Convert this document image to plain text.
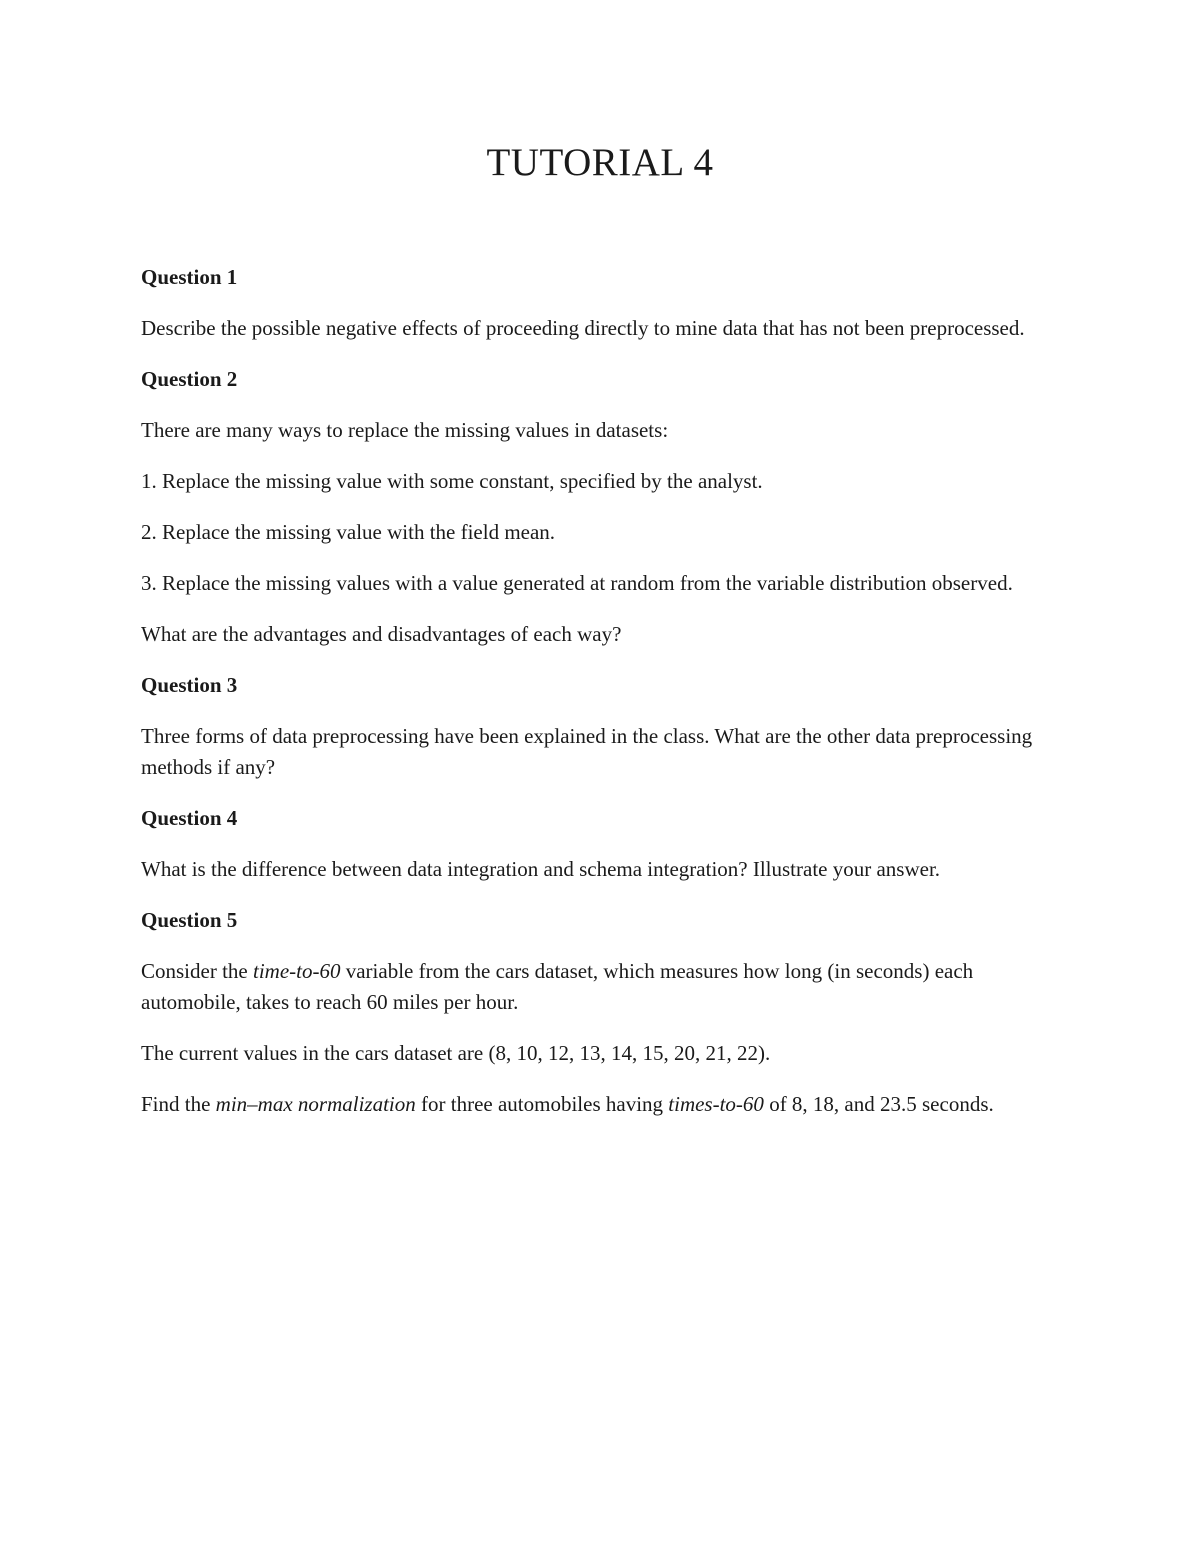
TUTORIAL 4

Question 1

Describe the possible negative effects of proceeding directly to mine data that has not been preprocessed.

Question 2

There are many ways to replace the missing values in datasets:

1. Replace the missing value with some constant, specified by the analyst.

2. Replace the missing value with the field mean.

3. Replace the missing values with a value generated at random from the variable distribution observed.

What are the advantages and disadvantages of each way?

Question 3

Three forms of data preprocessing have been explained in the class. What are the other data preprocessing methods if any?

Question 4

What is the difference between data integration and schema integration? Illustrate your answer.

Question 5

Consider the time-to-60 variable from the cars dataset, which measures how long (in seconds) each automobile, takes to reach 60 miles per hour.

The current values in the cars dataset are (8, 10, 12, 13, 14, 15, 20, 21, 22).

Find the min–max normalization for three automobiles having times-to-60 of 8, 18, and 23.5 seconds.
